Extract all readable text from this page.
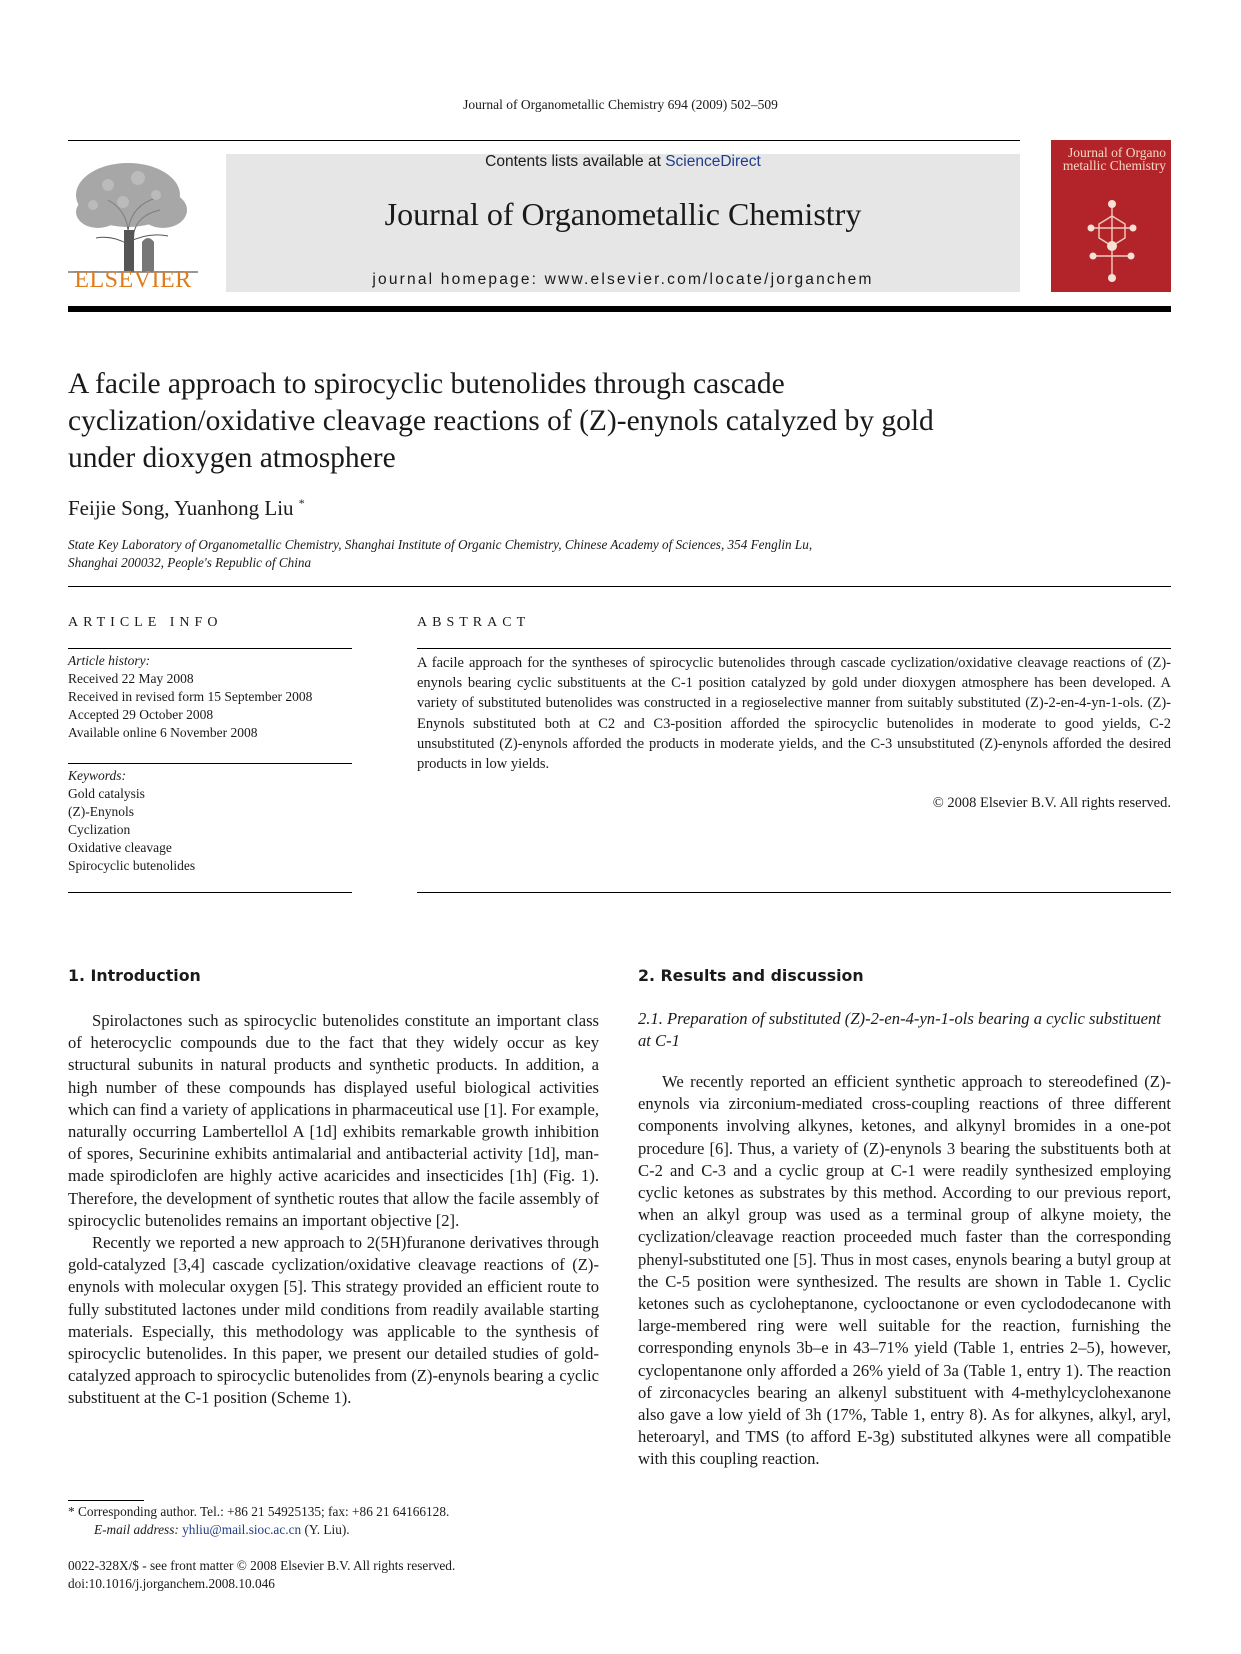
Journal of Organometallic Chemistry 694 (2009) 502–509
ELSEVIER
Contents lists available at ScienceDirect
Journal of Organometallic Chemistry
journal homepage: www.elsevier.com/locate/jorganchem
Journal of Organo metallic Chemistry
A facile approach to spirocyclic butenolides through cascade cyclization/oxidative cleavage reactions of (Z)-enynols catalyzed by gold under dioxygen atmosphere
Feijie Song, Yuanhong Liu *
State Key Laboratory of Organometallic Chemistry, Shanghai Institute of Organic Chemistry, Chinese Academy of Sciences, 354 Fenglin Lu,
Shanghai 200032, People's Republic of China
ARTICLE INFO
Article history:
Received 22 May 2008
Received in revised form 15 September 2008
Accepted 29 October 2008
Available online 6 November 2008
Keywords:
Gold catalysis
(Z)-Enynols
Cyclization
Oxidative cleavage
Spirocyclic butenolides
ABSTRACT
A facile approach for the syntheses of spirocyclic butenolides through cascade cyclization/oxidative cleavage reactions of (Z)-enynols bearing cyclic substituents at the C-1 position catalyzed by gold under dioxygen atmosphere has been developed. A variety of substituted butenolides was constructed in a regioselective manner from suitably substituted (Z)-2-en-4-yn-1-ols. (Z)-Enynols substituted both at C2 and C3-position afforded the spirocyclic butenolides in moderate to good yields, C-2 unsubstituted (Z)-enynols afforded the products in moderate yields, and the C-3 unsubstituted (Z)-enynols afforded the desired products in low yields.
© 2008 Elsevier B.V. All rights reserved.
1. Introduction

Spirolactones such as spirocyclic butenolides constitute an important class of heterocyclic compounds due to the fact that they widely occur as key structural subunits in natural products and synthetic products. In addition, a high number of these compounds has displayed useful biological activities which can find a variety of applications in pharmaceutical use [1]. For example, naturally occurring Lambertellol A [1d] exhibits remarkable growth inhibition of spores, Securinine exhibits antimalarial and antibacterial activity [1d], man-made spirodiclofen are highly active acaricides and insecticides [1h] (Fig. 1). Therefore, the development of synthetic routes that allow the facile assembly of spirocyclic butenolides remains an important objective [2].

Recently we reported a new approach to 2(5H)furanone derivatives through gold-catalyzed [3,4] cascade cyclization/oxidative cleavage reactions of (Z)-enynols with molecular oxygen [5]. This strategy provided an efficient route to fully substituted lactones under mild conditions from readily available starting materials. Especially, this methodology was applicable to the synthesis of spirocyclic butenolides. In this paper, we present our detailed studies of gold-catalyzed approach to spirocyclic butenolides from (Z)-enynols bearing a cyclic substituent at the C-1 position (Scheme 1).

2. Results and discussion
2.1. Preparation of substituted (Z)-2-en-4-yn-1-ols bearing a cyclic substituent at C-1

We recently reported an efficient synthetic approach to stereodefined (Z)-enynols via zirconium-mediated cross-coupling reactions of three different components involving alkynes, ketones, and alkynyl bromides in a one-pot procedure [6]. Thus, a variety of (Z)-enynols 3 bearing the substituents both at C-2 and C-3 and a cyclic group at C-1 were readily synthesized employing cyclic ketones as substrates by this method. According to our previous report, when an alkyl group was used as a terminal group of alkyne moiety, the cyclization/cleavage reaction proceeded much faster than the corresponding phenyl-substituted one [5]. Thus in most cases, enynols bearing a butyl group at the C-5 position were synthesized. The results are shown in Table 1. Cyclic ketones such as cycloheptanone, cyclooctanone or even cyclododecanone with large-membered ring were well suitable for the reaction, furnishing the corresponding enynols 3b–e in 43–71% yield (Table 1, entries 2–5), however, cyclopentanone only afforded a 26% yield of 3a (Table 1, entry 1). The reaction of zirconacycles bearing an alkenyl substituent with 4-methylcyclohexanone also gave a low yield of 3h (17%, Table 1, entry 8). As for alkynes, alkyl, aryl, heteroaryl, and TMS (to afford E-3g) substituted alkynes were all compatible with this coupling reaction.

* Corresponding author. Tel.: +86 21 54925135; fax: +86 21 64166128.
E-mail address: yhliu@mail.sioc.ac.cn (Y. Liu).
0022-328X/$ - see front matter © 2008 Elsevier B.V. All rights reserved.
doi:10.1016/j.jorganchem.2008.10.046
